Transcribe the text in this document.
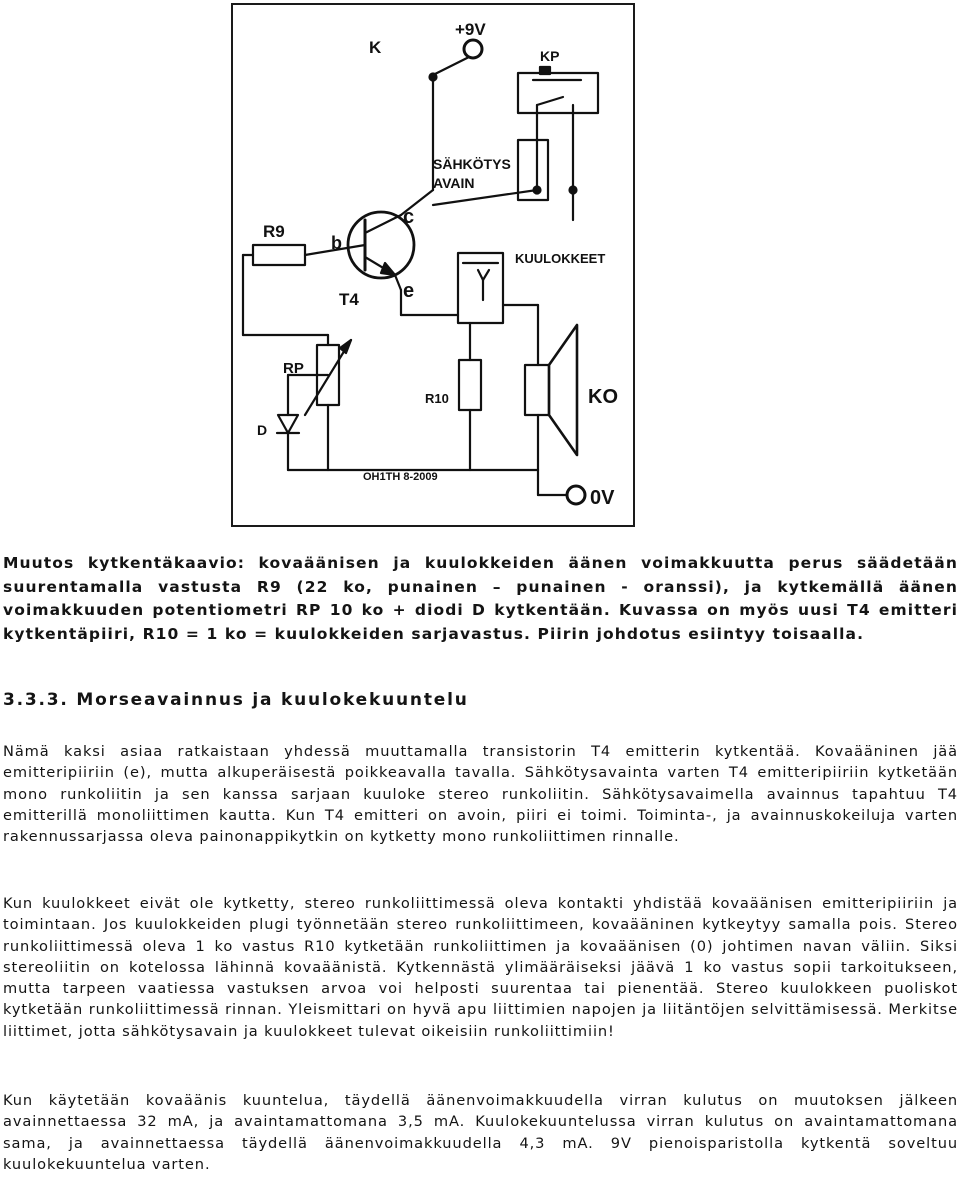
+9V
K	KP
SÄHKÖTYS
AVAIN
R9
c
b
T4 e
KUULOKKEET
RP
R10	KO
D
OH1TH 8-2009
0V

Muutos kytkentäkaavio: kovaäänisen ja kuulokkeiden äänen voimakkuutta perus säädetään suurentamalla vastusta R9 (22 ko, punainen – punainen - oranssi), ja kytkemällä äänen voimakkuuden potentiometri RP 10 ko + diodi D kytkentään. Kuvassa on myös uusi T4 emitteri kytkentäpiiri, R10 = 1 ko = kuulokkeiden sarjavastus. Piirin johdotus esiintyy toisaalla.

3.3.3. Morseavainnus ja kuulokekuuntelu

Nämä kaksi asiaa ratkaistaan yhdessä muuttamalla transistorin T4 emitterin kytkentää. Kovaääninen jää emitteripiiriin (e), mutta alkuperäisestä poikkeavalla tavalla. Sähkötysavainta varten T4 emitteripiiriin kytketään mono runkoliitin ja sen kanssa sarjaan kuuloke stereo runkoliitin. Sähkötysavaimella avainnus tapahtuu T4 emitterillä monoliittimen kautta. Kun T4 emitteri on avoin, piiri ei toimi. Toiminta-, ja avainnuskokeiluja varten rakennussarjassa oleva painonappikytkin on kytketty mono runkoliittimen rinnalle.

Kun kuulokkeet eivät ole kytketty, stereo runkoliittimessä oleva kontakti yhdistää kovaäänisen emitteripiiriin ja toimintaan. Jos kuulokkeiden plugi työnnetään stereo runkoliittimeen, kovaääninen kytkeytyy samalla pois. Stereo runkoliittimessä oleva 1 ko vastus R10 kytketään runkoliittimen ja kovaäänisen (0) johtimen navan väliin. Siksi stereoliitin on kotelossa lähinnä kovaäänistä. Kytkennästä ylimääräiseksi jäävä 1 ko vastus sopii tarkoitukseen, mutta tarpeen vaatiessa vastuksen arvoa voi helposti suurentaa tai pienentää. Stereo kuulokkeen puoliskot kytketään runkoliittimessä rinnan. Yleismittari on hyvä apu liittimien napojen ja liitäntöjen selvittämisessä. Merkitse liittimet, jotta sähkötysavain ja kuulokkeet tulevat oikeisiin runkoliittimiin!

Kun käytetään kovaäänis kuuntelua, täydellä äänenvoimakkuudella virran kulutus on muutoksen jälkeen avainnettaessa 32 mA, ja avaintamattomana 3,5 mA. Kuulokekuuntelussa virran kulutus on avaintamattomana sama, ja avainnettaessa täydellä äänenvoimakkuudella 4,3 mA. 9V pienoisparistolla kytkentä soveltuu kuulokekuuntelua varten.
